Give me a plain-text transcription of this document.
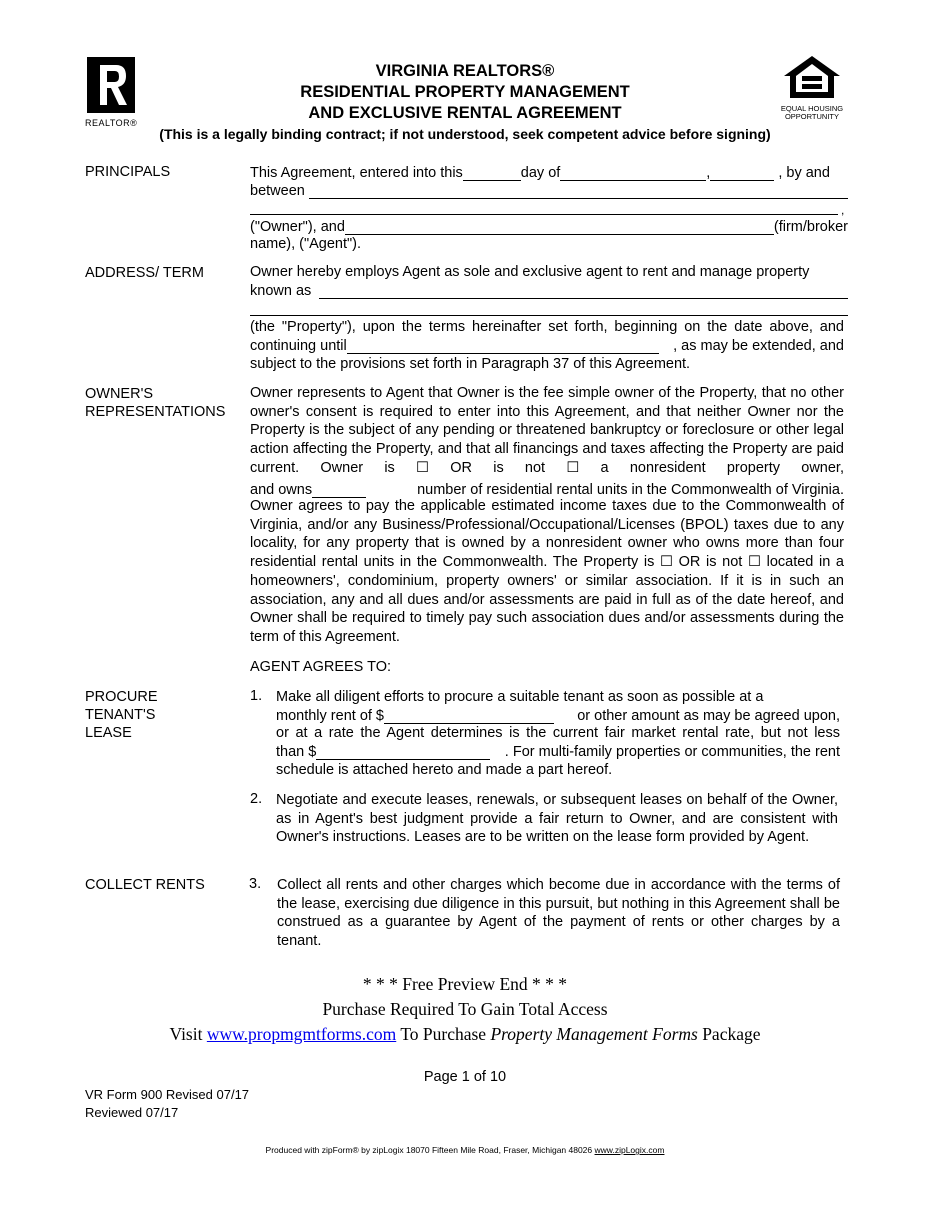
REALTOR®
EQUAL HOUSING
OPPORTUNITY
VIRGINIA REALTORS®
RESIDENTIAL PROPERTY MANAGEMENT
AND EXCLUSIVE RENTAL AGREEMENT
(This is a legally binding contract; if not understood, seek competent advice before signing)
PRINCIPALS	This Agreement, entered into this	day of	,	, by and
between
,
("Owner"), and	(firm/broker
name), ("Agent").
ADDRESS/ TERM	Owner hereby employs Agent as sole and exclusive agent to rent and manage property
known as
(the "Property"), upon the terms hereinafter set forth, beginning on the date above, and
continuing until	, as may be extended, and
subject to the provisions set forth in Paragraph 37 of this Agreement.
OWNER'S
REPRESENTATIONS
Owner represents to Agent that Owner is the fee simple owner of the Property, that no other owner's consent is required to enter into this Agreement, and that neither Owner nor the Property is the subject of any pending or threatened bankruptcy or foreclosure or other legal action affecting the Property, and that all financings and taxes affecting the Property are paid current. Owner is ☐ OR is not ☐ a nonresident property owner,
and owns	number of residential rental units in the Commonwealth of Virginia.
Owner agrees to pay the applicable estimated income taxes due to the Commonwealth of Virginia, and/or any Business/Professional/Occupational/Licenses (BPOL) taxes due to any locality, for any property that is owned by a nonresident owner who owns more than four residential rental units in the Commonwealth. The Property is ☐ OR is not ☐ located in a homeowners', condominium, property owners' or similar association. If it is in such an association, any and all dues and/or assessments are paid in full as of the date hereof, and Owner shall be required to timely pay such association dues and/or assessments during the term of this Agreement.
AGENT AGREES TO:
PROCURE
TENANT'S
LEASE
1. Make all diligent efforts to procure a suitable tenant as soon as possible at a
monthly rent of $	or other amount as may be agreed upon,
or at a rate the Agent determines is the current fair market rental rate, but not less
than $	. For multi-family properties or communities, the rent
schedule is attached hereto and made a part hereof.
2. Negotiate and execute leases, renewals, or subsequent leases on behalf of the Owner, as in Agent's best judgment provide a fair return to Owner, and are consistent with Owner's instructions. Leases are to be written on the lease form provided by Agent.
COLLECT RENTS	3. Collect all rents and other charges which become due in accordance with the terms of the lease, exercising due diligence in this pursuit, but nothing in this Agreement shall be construed as a guarantee by Agent of the payment of rents or other charges by a tenant.
* * * Free Preview End * * *
Purchase Required To Gain Total Access
Visit www.propmgmtforms.com To Purchase Property Management Forms Package
Page 1 of 10
VR Form 900 Revised 07/17
Reviewed 07/17
Produced with zipForm® by zipLogix 18070 Fifteen Mile Road, Fraser, Michigan 48026 www.zipLogix.com
